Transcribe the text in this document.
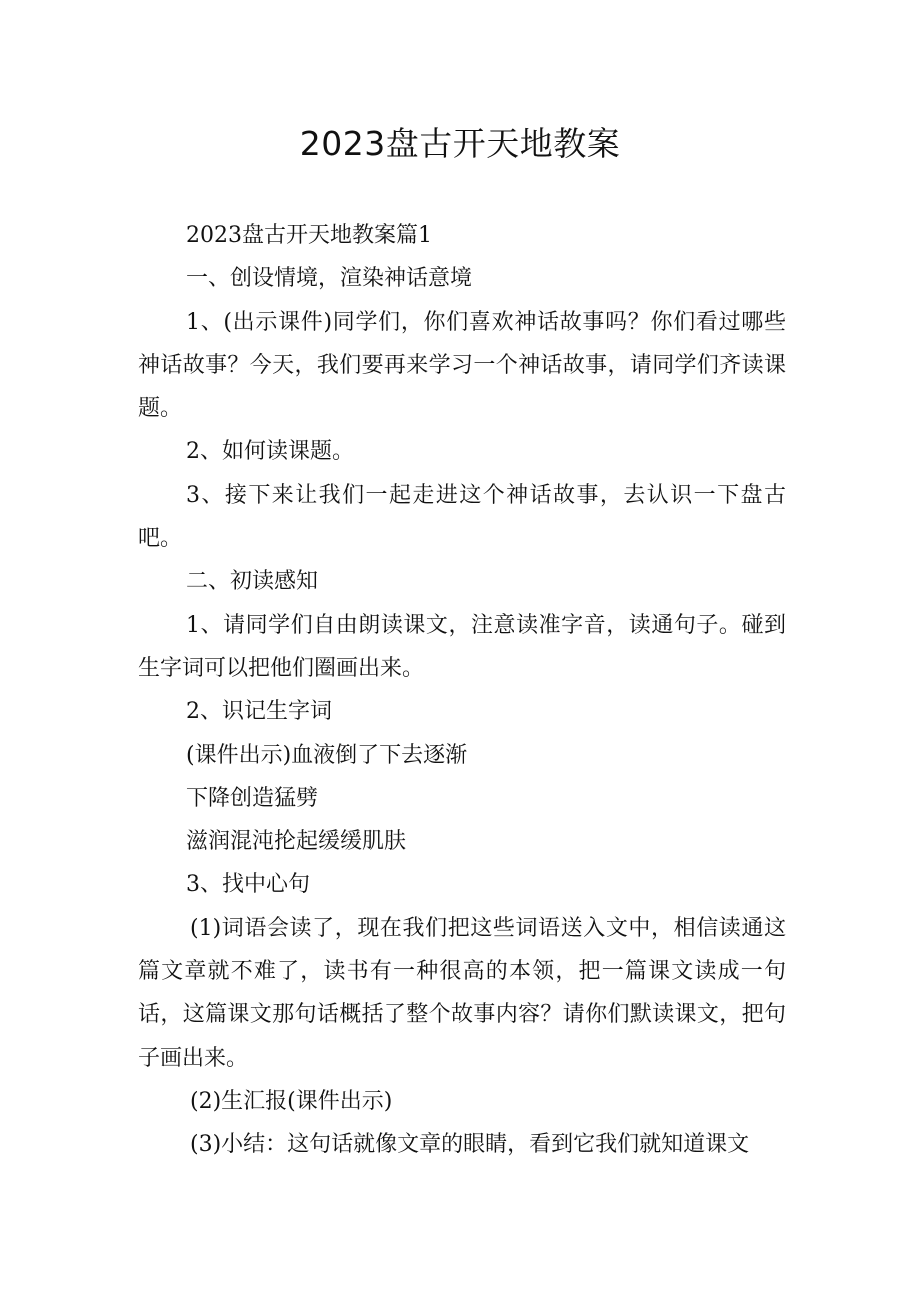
2023盘古开天地教案

2023盘古开天地教案篇1

一、创设情境，渲染神话意境

1、(出示课件)同学们，你们喜欢神话故事吗？你们看过哪些神话故事？今天，我们要再来学习一个神话故事，请同学们齐读课题。

2、如何读课题。

3、接下来让我们一起走进这个神话故事，去认识一下盘古吧。

二、初读感知

1、请同学们自由朗读课文，注意读准字音，读通句子。碰到生字词可以把他们圈画出来。

2、识记生字词

(课件出示)血液倒了下去逐渐

下降创造猛劈

滋润混沌抡起缓缓肌肤

3、找中心句

(1)词语会读了，现在我们把这些词语送入文中，相信读通这篇文章就不难了，读书有一种很高的本领，把一篇课文读成一句话，这篇课文那句话概括了整个故事内容？请你们默读课文，把句子画出来。

(2)生汇报(课件出示)

(3)小结：这句话就像文章的眼睛，看到它我们就知道课文
